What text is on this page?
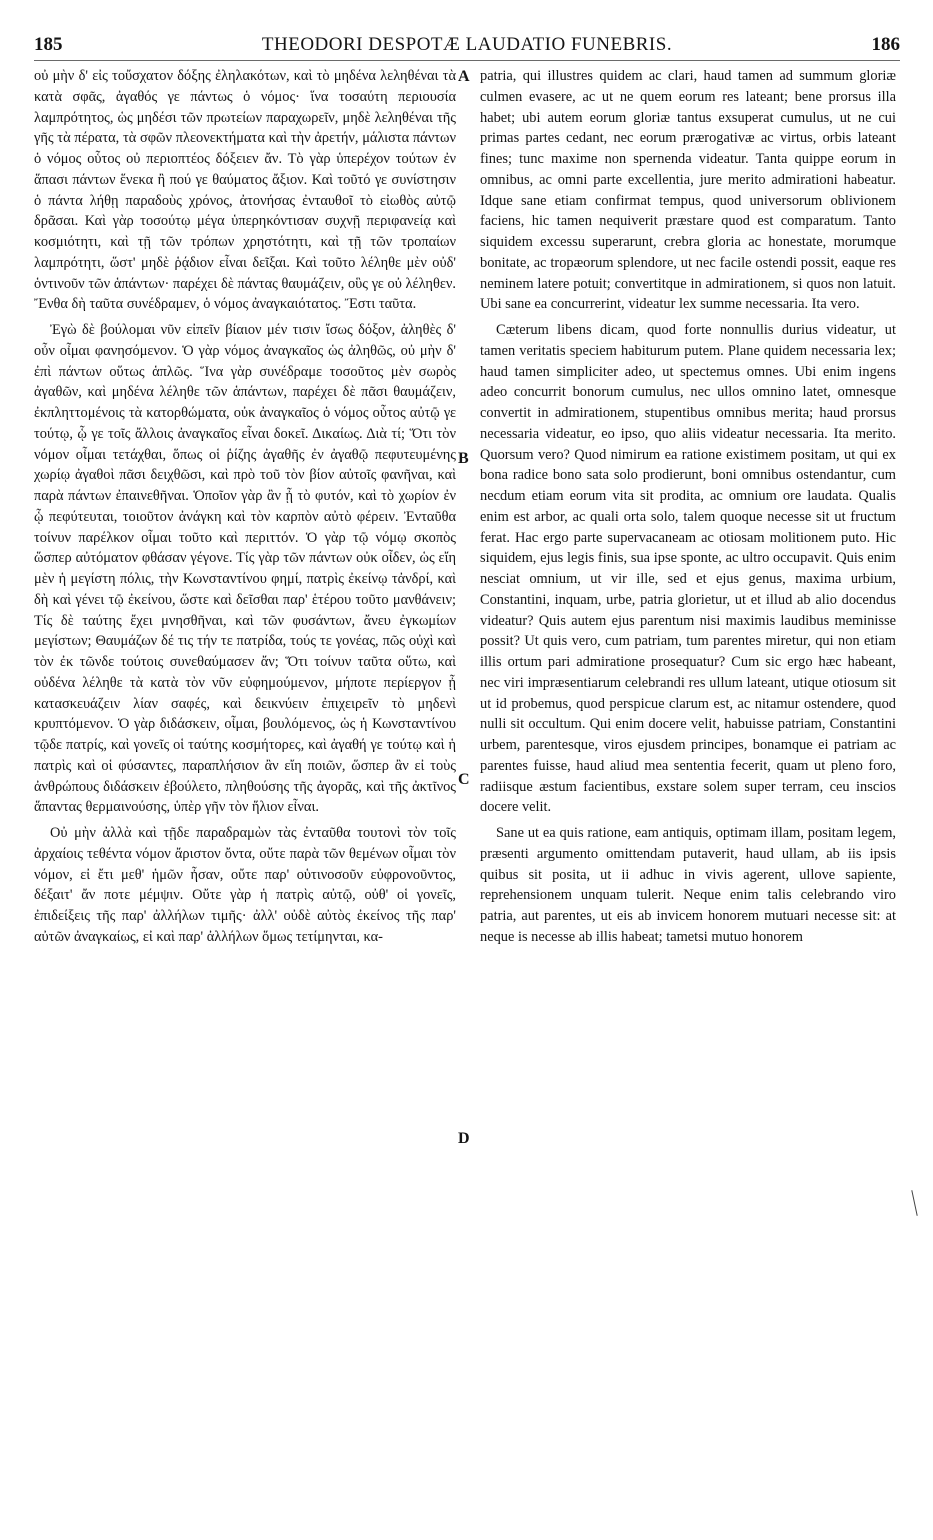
185	THEODORI DESPOTÆ LAUDATIO FUNEBRIS.	186

οὐ μὴν δ' εἰς τοὔσχατον δόξης ἐληλακότων, καὶ τὸ μηδένα λεληθέναι τὰ κατὰ σφᾶς, ἀγαθός γε πάντως ὁ νόμος· ἵνα τοσαύτη περιουσία λαμπρότητος, ὡς μηδέσι τῶν πρωτείων παραχωρεῖν, μηδὲ λεληθέναι τῆς γῆς τὰ πέρατα, τὰ σφῶν πλεονεκτήματα καὶ τὴν ἀρετήν, μάλιστα πάντων ὁ νόμος οὗτος οὐ περιοπτέος δόξειεν ἄν. Τὸ γὰρ ὑπερέχον τούτων ἐν ἅπασι πάντων ἕνεκα ἢ πού γε θαύματος ἄξιον. Καὶ τοῦτό γε συνίστησιν ὁ πάντα λήθῃ παραδοὺς χρόνος, ἀτονήσας ἐνταυθοῖ τὸ εἰωθὸς αὐτῷ δρᾶσαι. Καὶ γὰρ τοσούτῳ μέγα ὑπερηκόντισαν συχνῇ περιφανείᾳ καὶ κοσμιότητι, καὶ τῇ τῶν τρόπων χρηστότητι, καὶ τῇ τῶν τροπαίων λαμπρότητι, ὥστ' μηδὲ ῥᾴδιον εἶναι δεῖξαι. Καὶ τοῦτο λέληθε μὲν οὐδ' ὁντινοῦν τῶν ἁπάντων· παρέχει δὲ πάντας θαυμάζειν, οὓς γε οὐ λέληθεν. Ἔνθα δὴ ταῦτα συνέδραμεν, ὁ νόμος ἀναγκαιότατος. Ἔστι ταῦτα.

Ἐγὼ δὲ βούλομαι νῦν εἰπεῖν βίαιον μέν τισιν ἴσως δόξον, ἀληθὲς δ' οὖν οἶμαι φανησόμενον. Ὁ γὰρ νόμος ἀναγκαῖος ὡς ἀληθῶς, οὐ μὴν δ' ἐπὶ πάντων οὕτως ἁπλῶς. Ἵνα γὰρ συνέδραμε τοσοῦτος μὲν σωρὸς ἀγαθῶν, καὶ μηδένα λέληθε τῶν ἁπάντων, παρέχει δὲ πᾶσι θαυμάζειν, ἐκπληττομένοις τὰ κατορθώματα, οὐκ ἀναγκαῖος ὁ νόμος οὗτος αὐτῷ γε τούτῳ, ᾧ γε τοῖς ἄλλοις ἀναγκαῖος εἶναι δοκεῖ. Δικαίως. Διὰ τί; Ὅτι τὸν νόμον οἶμαι τετάχθαι, ὅπως οἱ ῥίζης ἀγαθῆς ἐν ἀγαθῷ πεφυτευμένης χωρίῳ ἀγαθοὶ πᾶσι δειχθῶσι, καὶ πρὸ τοῦ τὸν βίον αὐτοῖς φανῆναι, καὶ παρὰ πάντων ἐπαινεθῆναι. Ὁποῖον γὰρ ἂν ᾖ τὸ φυτόν, καὶ τὸ χωρίον ἐν ᾧ πεφύτευται, τοιοῦτον ἀνάγκη καὶ τὸν καρπὸν αὐτὸ φέρειν. Ἐνταῦθα τοίνυν παρέλκον οἶμαι τοῦτο καὶ περιττόν. Ὁ γὰρ τῷ νόμῳ σκοπὸς ὥσπερ αὐτόματον φθάσαν γέγονε. Τίς γὰρ τῶν πάντων οὐκ οἶδεν, ὡς εἴη μὲν ἡ μεγίστη πόλις, τὴν Κωνσταντίνου φημί, πατρὶς ἐκείνῳ τἀνδρί, καὶ δὴ καὶ γένει τῷ ἐκείνου, ὥστε καὶ δεῖσθαι παρ' ἑτέρου τοῦτο μανθάνειν; Τίς δὲ ταύτης ἔχει μνησθῆναι, καὶ τῶν φυσάντων, ἄνευ ἐγκωμίων μεγίστων; Θαυμάζων δέ τις τήν τε πατρίδα, τούς τε γονέας, πῶς οὐχὶ καὶ τὸν ἐκ τῶνδε τούτοις συνεθαύμασεν ἄν; Ὅτι τοίνυν ταῦτα οὕτω, καὶ οὐδένα λέληθε τὰ κατὰ τὸν νῦν εὐφημούμενον, μήποτε περίεργον ᾖ κατασκευάζειν λίαν σαφές, καὶ δεικνύειν ἐπιχειρεῖν τὸ μηδενὶ κρυπτόμενον. Ὁ γὰρ διδάσκειν, οἶμαι, βουλόμενος, ὡς ἡ Κωνσταντίνου τῷδε πατρίς, καὶ γονεῖς οἱ ταύτης κοσμήτορες, καὶ ἀγαθή γε τούτῳ καὶ ἡ πατρὶς καὶ οἱ φύσαντες, παραπλήσιον ἂν εἴη ποιῶν, ὥσπερ ἂν εἰ τοὺς ἀνθρώπους διδάσκειν ἐβούλετο, πληθούσης τῆς ἀγορᾶς, καὶ τῆς ἀκτῖνος ἅπαντας θερμαινούσης, ὑπὲρ γῆν τὸν ἥλιον εἶναι.

Οὐ μὴν ἀλλὰ καὶ τῇδε παραδραμὼν τὰς ἐνταῦθα τουτονὶ τὸν τοῖς ἀρχαίοις τεθέντα νόμον ἄριστον ὄντα, οὔτε παρὰ τῶν θεμένων οἶμαι τὸν νόμον, εἰ ἔτι μεθ' ἡμῶν ἦσαν, οὔτε παρ' οὑτινοσοῦν εὐφρονοῦντος, δέξαιτ' ἄν ποτε μέμψιν. Οὔτε γὰρ ἡ πατρὶς αὐτῷ, οὐθ' οἱ γονεῖς, ἐπιδείξεις τῆς παρ' ἀλλήλων τιμῆς· ἀλλ' οὐδὲ αὐτὸς ἐκείνος τῆς παρ' αὐτῶν ἀναγκαίως, εἰ καὶ παρ' ἀλλήλων ὅμως τετίμηνται, κα-

A
B
C
D

patria, qui illustres quidem ac clari, haud tamen ad summum gloriæ culmen evasere, ac ut ne quem eorum res lateant; bene prorsus illa habet; ubi autem eorum gloriæ tantus exsuperat cumulus, ut ne cui primas partes cedant, nec eorum prærogativæ ac virtus, orbis lateant fines; tunc maxime non spernenda videatur. Tanta quippe eorum in omnibus, ac omni parte excellentia, jure merito admirationi habeatur. Idque sane etiam confirmat tempus, quod universorum oblivionem faciens, hic tamen nequiverit præstare quod est comparatum. Tanto siquidem excessu superarunt, crebra gloria ac honestate, morumque bonitate, ac tropæorum splendore, ut nec facile ostendi possit, eaque res neminem latere potuit; convertitque in admirationem, si quos non latuit. Ubi sane ea concurrerint, videatur lex summe necessaria. Ita vero.

Cæterum libens dicam, quod forte nonnullis durius videatur, ut tamen veritatis speciem habiturum putem. Plane quidem necessaria lex; haud tamen simpliciter adeo, ut spectemus omnes. Ubi enim ingens adeo concurrit bonorum cumulus, nec ullos omnino latet, omnesque convertit in admirationem, stupentibus omnibus merita; haud prorsus necessaria videatur, eo ipso, quo aliis videatur necessaria. Ita merito. Quorsum vero? Quod nimirum ea ratione existimem positam, ut qui ex bona radice bono sata solo prodierunt, boni omnibus ostendantur, cum necdum etiam eorum vita sit prodita, ac omnium ore laudata. Qualis enim est arbor, ac quali orta solo, talem quoque necesse sit ut fructum ferat. Hac ergo parte supervacaneam ac otiosam molitionem puto. Hic siquidem, ejus legis finis, sua ipse sponte, ac ultro occupavit. Quis enim nesciat omnium, ut vir ille, sed et ejus genus, maxima urbium, Constantini, inquam, urbe, patria glorietur, ut et illud ab alio docendus videatur? Quis autem ejus parentum nisi maximis laudibus meminisse possit? Ut quis vero, cum patriam, tum parentes miretur, qui non etiam illis ortum pari admiratione prosequatur? Cum sic ergo hæc habeant, nec viri impræsentiarum celebrandi res ullum lateant, utique otiosum sit ut id probemus, quod perspicue clarum est, ac nitamur ostendere, quod nulli sit occultum. Qui enim docere velit, habuisse patriam, Constantini urbem, parentesque, viros ejusdem principes, bonamque ei patriam ac parentes fuisse, haud aliud mea sententia fecerit, quam ut pleno foro, radiisque æstum facientibus, exstare solem super terram, ceu inscios docere velit.

Sane ut ea quis ratione, eam antiquis, optimam illam, positam legem, præsenti argumento omittendam putaverit, haud ullam, ab iis ipsis quibus sit posita, ut ii adhuc in vivis agerent, ullove sapiente, reprehensionem unquam tulerit. Neque enim talis celebrando viro patria, aut parentes, ut eis ab invicem honorem mutuari necesse sit: at neque is necesse ab illis habeat; tametsi mutuo honorem
